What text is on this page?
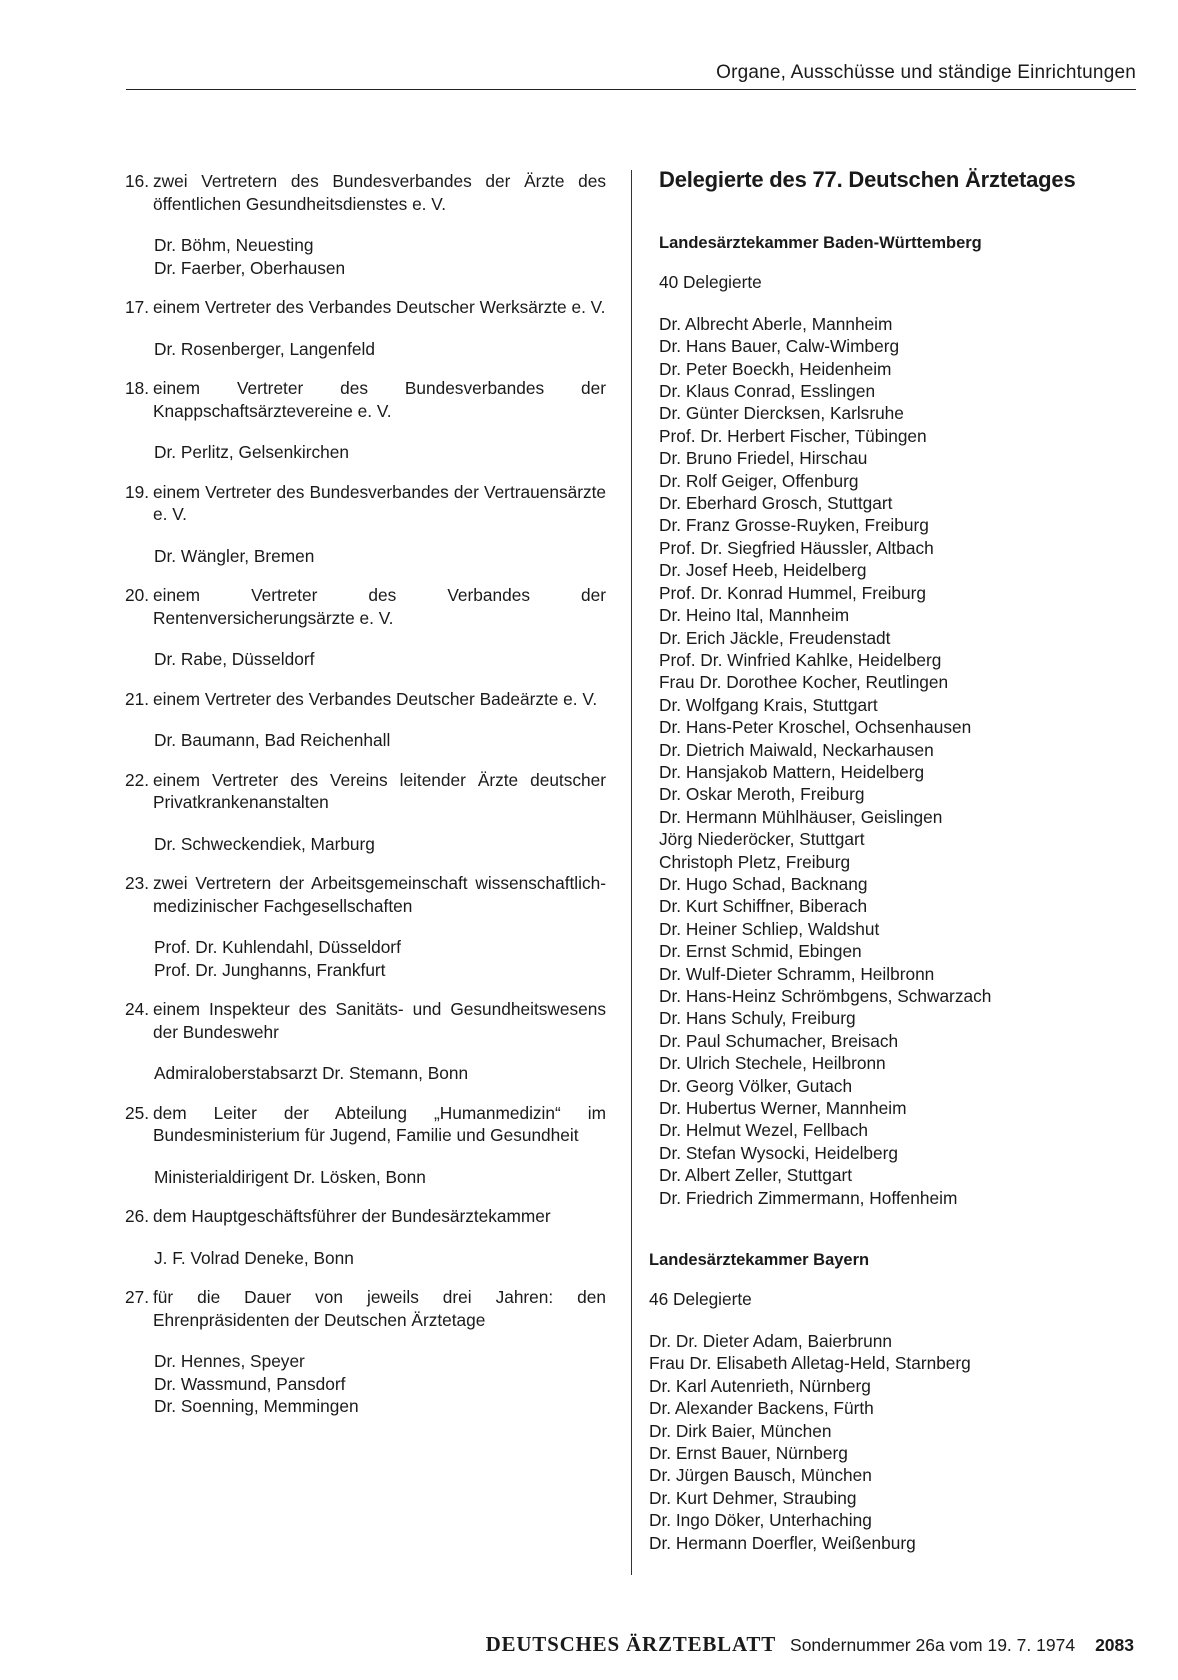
Organe, Ausschüsse und ständige Einrichtungen
16. zwei Vertretern des Bundesverbandes der Ärzte des öffentlichen Gesundheitsdienstes e. V.
Dr. Böhm, Neuesting
Dr. Faerber, Oberhausen
17. einem Vertreter des Verbandes Deutscher Werksärzte e. V.
Dr. Rosenberger, Langenfeld
18. einem Vertreter des Bundesverbandes der Knappschaftsärztevereine e. V.
Dr. Perlitz, Gelsenkirchen
19. einem Vertreter des Bundesverbandes der Vertrauensärzte e. V.
Dr. Wängler, Bremen
20. einem Vertreter des Verbandes der Rentenversicherungsärzte e. V.
Dr. Rabe, Düsseldorf
21. einem Vertreter des Verbandes Deutscher Badeärzte e. V.
Dr. Baumann, Bad Reichenhall
22. einem Vertreter des Vereins leitender Ärzte deutscher Privatkrankenanstalten
Dr. Schweckendiek, Marburg
23. zwei Vertretern der Arbeitsgemeinschaft wissenschaftlich-medizinischer Fachgesellschaften
Prof. Dr. Kuhlendahl, Düsseldorf
Prof. Dr. Junghanns, Frankfurt
24. einem Inspekteur des Sanitäts- und Gesundheitswesens der Bundeswehr
Admiraloberstabsarzt Dr. Stemann, Bonn
25. dem Leiter der Abteilung „Humanmedizin“ im Bundesministerium für Jugend, Familie und Gesundheit
Ministerialdirigent Dr. Lösken, Bonn
26. dem Hauptgeschäftsführer der Bundesärztekammer
J. F. Volrad Deneke, Bonn
27. für die Dauer von jeweils drei Jahren: den Ehrenpräsidenten der Deutschen Ärztetage
Dr. Hennes, Speyer
Dr. Wassmund, Pansdorf
Dr. Soenning, Memmingen
Delegierte des 77. Deutschen Ärztetages
Landesärztekammer Baden-Württemberg
40 Delegierte
Dr. Albrecht Aberle, Mannheim
Dr. Hans Bauer, Calw-Wimberg
Dr. Peter Boeckh, Heidenheim
Dr. Klaus Conrad, Esslingen
Dr. Günter Diercksen, Karlsruhe
Prof. Dr. Herbert Fischer, Tübingen
Dr. Bruno Friedel, Hirschau
Dr. Rolf Geiger, Offenburg
Dr. Eberhard Grosch, Stuttgart
Dr. Franz Grosse-Ruyken, Freiburg
Prof. Dr. Siegfried Häussler, Altbach
Dr. Josef Heeb, Heidelberg
Prof. Dr. Konrad Hummel, Freiburg
Dr. Heino Ital, Mannheim
Dr. Erich Jäckle, Freudenstadt
Prof. Dr. Winfried Kahlke, Heidelberg
Frau Dr. Dorothee Kocher, Reutlingen
Dr. Wolfgang Krais, Stuttgart
Dr. Hans-Peter Kroschel, Ochsenhausen
Dr. Dietrich Maiwald, Neckarhausen
Dr. Hansjakob Mattern, Heidelberg
Dr. Oskar Meroth, Freiburg
Dr. Hermann Mühlhäuser, Geislingen
Jörg Niederöcker, Stuttgart
Christoph Pletz, Freiburg
Dr. Hugo Schad, Backnang
Dr. Kurt Schiffner, Biberach
Dr. Heiner Schliep, Waldshut
Dr. Ernst Schmid, Ebingen
Dr. Wulf-Dieter Schramm, Heilbronn
Dr. Hans-Heinz Schrömbgens, Schwarzach
Dr. Hans Schuly, Freiburg
Dr. Paul Schumacher, Breisach
Dr. Ulrich Stechele, Heilbronn
Dr. Georg Völker, Gutach
Dr. Hubertus Werner, Mannheim
Dr. Helmut Wezel, Fellbach
Dr. Stefan Wysocki, Heidelberg
Dr. Albert Zeller, Stuttgart
Dr. Friedrich Zimmermann, Hoffenheim
Landesärztekammer Bayern
46 Delegierte
Dr. Dr. Dieter Adam, Baierbrunn
Frau Dr. Elisabeth Alletag-Held, Starnberg
Dr. Karl Autenrieth, Nürnberg
Dr. Alexander Backens, Fürth
Dr. Dirk Baier, München
Dr. Ernst Bauer, Nürnberg
Dr. Jürgen Bausch, München
Dr. Kurt Dehmer, Straubing
Dr. Ingo Döker, Unterhaching
Dr. Hermann Doerfler, Weißenburg
DEUTSCHES ÄRZTEBLATT Sondernummer 26a vom 19. 7. 1974 2083
